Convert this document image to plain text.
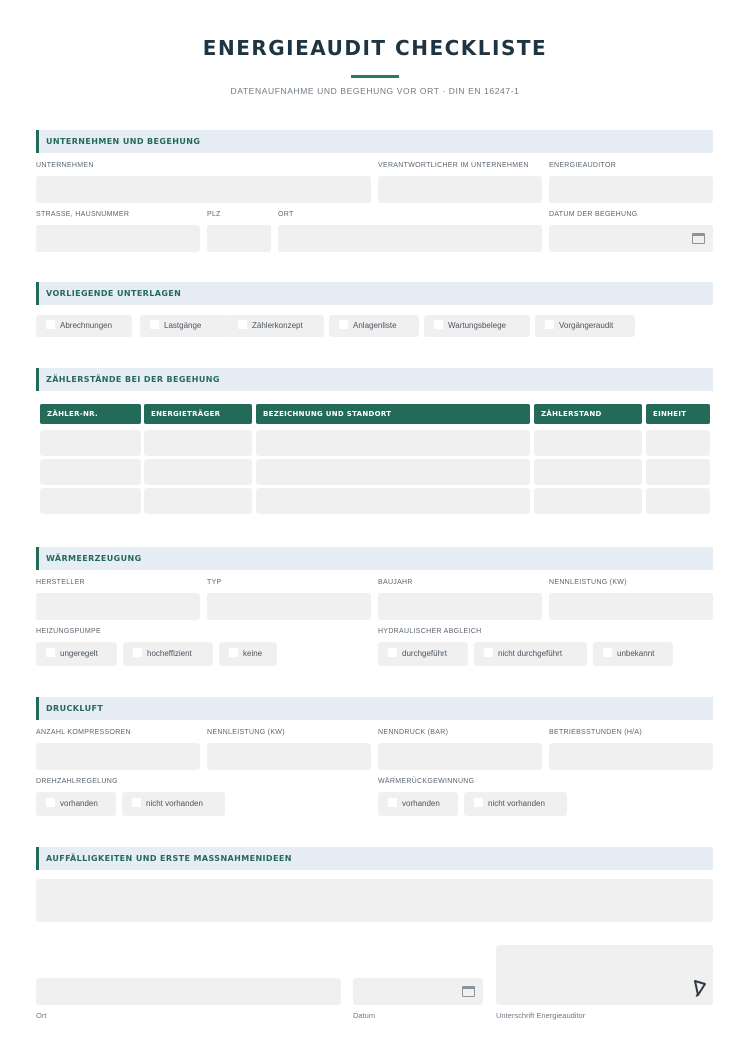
ENERGIEAUDIT CHECKLISTE
DATENAUFNAHME UND BEGEHUNG VOR ORT · DIN EN 16247-1
UNTERNEHMEN UND BEGEHUNG
UNTERNEHMEN	VERANTWORTLICHER IM UNTERNEHMEN	ENERGIEAUDITOR
STRASSE, HAUSNUMMER	PLZ	ORT	DATUM DER BEGEHUNG
VORLIEGENDE UNTERLAGEN
Abrechnungen	Lastgänge	Zählerkonzept	Anlagenliste	Wartungsbelege	Vorgängeraudit
ZÄHLERSTÄNDE BEI DER BEGEHUNG
ZÄHLER-NR.	ENERGIETRÄGER	BEZEICHNUNG UND STANDORT	ZÄHLERSTAND	EINHEIT
WÄRMEERZEUGUNG
HERSTELLER	TYP	BAUJAHR	NENNLEISTUNG (KW)
HEIZUNGSPUMPE
ungeregelt	hocheffizient	keine
HYDRAULISCHER ABGLEICH
durchgeführt	nicht durchgeführt	unbekannt
DRUCKLUFT
ANZAHL KOMPRESSOREN	NENNLEISTUNG (KW)	NENNDRUCK (BAR)	BETRIEBSSTUNDEN (H/A)
DREHZAHLREGELUNG
vorhanden	nicht vorhanden
WÄRMERÜCKGEWINNUNG
vorhanden	nicht vorhanden
AUFFÄLLIGKEITEN UND ERSTE MASSNAHMENIDEEN
Ort	Datum	Unterschrift Energieauditor
